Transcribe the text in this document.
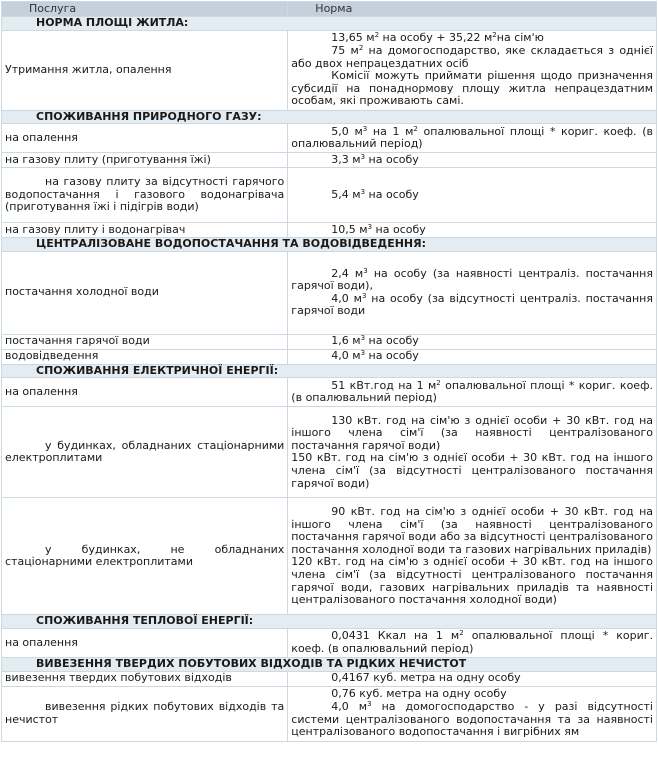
Послуга	Норма
НОРМА ПЛОЩІ ЖИТЛА:	
Утримання житла, опалення	13,65 $м^2$ на особу + 35,22 $м^2на$ сім'ю
75 $м^2$ на домогосподарство, яке складається з однієї або двох непрацездатних осіб
Комісії можуть приймати рішення щодо призначення субсидії на понаднормову площу житла непрацездатним особам, які проживають самі.

СПОЖИВАННЯ ПРИРОДНОГО ГАЗУ:	
на опалення	5,0 $м^3$ на 1 $м^2$ опалювальної площі * кориг. коеф. (в опалювальний період)

на газову плиту (приготування їжі)	3,3 $м^3$ на особу

на газову плиту за відсутності гарячого водопостачання і газового водонагрівача (приготування їжі і підігрів води)	5,4 $м^3$ на особу

на газову плиту і водонагрівач	10,5 $м^3$ на особу

ЦЕНТРАЛІЗОВАНЕ ВОДОПОСТАЧАННЯ ТА ВОДОВІДВЕДЕННЯ:	
постачання холодної води	2,4 $м^3$ на особу (за наявності централіз. постачання гарячої води),
4,0 $м^3$ на особу (за відсутності централіз. постачання гарячої води

постачання гарячої води	1,6 $м^3$ на особу

водовідведення	4,0 $м^3$ на особу

СПОЖИВАННЯ ЕЛЕКТРИЧНОЇ ЕНЕРГІЇ:	
на опалення	51 кВт.год на 1 $м^2$ опалювальної площі * кориг. коеф. (в опалювальний період)

у будинках, обладнаних стаціонарними електроплитами	130 кВт. год на сім'ю з однієї особи + 30 кВт. год на іншого члена сім'ї (за наявності централізованого постачання гарячої води)
150 кВт. год на сім'ю з однієї особи + 30 кВт. год на іншого члена сім'ї (за відсутності централізованого постачання гарячої води)

у будинках, не обладнаних стаціонарними електроплитами	90 кВт. год на сім'ю з однієї особи + 30 кВт. год на іншого члена сім'ї (за наявності централізованого постачання гарячої води або за відсутності централізованого постачання холодної води та газових нагрівальних приладів)
120 кВт. год на сім'ю з однієї особи + 30 кВт. год на іншого члена сім'ї (за відсутності централізованого постачання гарячої води, газових нагрівальних приладів та наявності централізованого постачання холодної води)

СПОЖИВАННЯ ТЕПЛОВОЇ ЕНЕРГІЇ:	
на опалення	0,0431 Ккал на 1 $м^2$ опалювальної площі * кориг. коеф. (в опалювальний період)

ВИВЕЗЕННЯ ТВЕРДИХ ПОБУТОВИХ ВІДХОДІВ ТА РІДКИХ НЕЧИСТОТ	
вивезення твердих побутових відходів	0,4167 куб. метра на одну особу

вивезення рідких побутових відходів та нечистот	0,76 куб. метра на одну особу
4,0 $м^3$ на домогосподарство - у разі відсутності системи централізованого водопостачання та за наявності централізованого водопостачання і вигрібних ям
